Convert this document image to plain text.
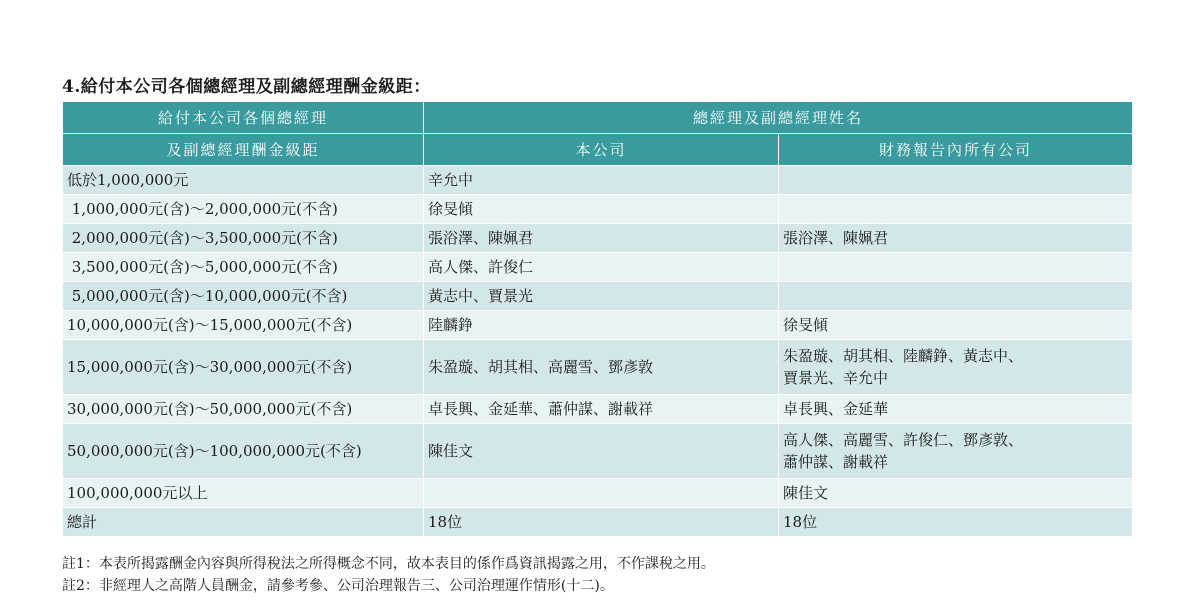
4.給付本公司各個總經理及副總經理酬金級距：
給付本公司各個總經理	總經理及副總經理姓名	
及副總經理酬金級距	本公司	財務報告內所有公司
低於1,000,000元	辛允中	
1,000,000元(含)～2,000,000元(不含)	徐旻傾	
2,000,000元(含)～3,500,000元(不含)	張浴澤、陳姵君	張浴澤、陳姵君
3,500,000元(含)～5,000,000元(不含)	高人傑、許俊仁	
5,000,000元(含)～10,000,000元(不含)	黃志中、賈景光	
10,000,000元(含)～15,000,000元(不含)	陸麟錚	徐旻傾
15,000,000元(含)～30,000,000元(不含)	朱盈璇、胡其相、高麗雪、鄧彥敦	朱盈璇、胡其相、陸麟錚、黃志中、
賈景光、辛允中

30,000,000元(含)～50,000,000元(不含)	卓長興、金延華、蕭仲謀、謝載祥	卓長興、金延華
50,000,000元(含)～100,000,000元(不含)	陳佳文	高人傑、高麗雪、許俊仁、鄧彥敦、
蕭仲謀、謝載祥

100,000,000元以上		陳佳文
總計	18位	18位
註1：本表所揭露酬金內容與所得稅法之所得概念不同，故本表目的係作爲資訊揭露之用，不作課稅之用。
註2：非經理人之高階人員酬金，請參考參、公司治理報告三、公司治理運作情形(十二)。
